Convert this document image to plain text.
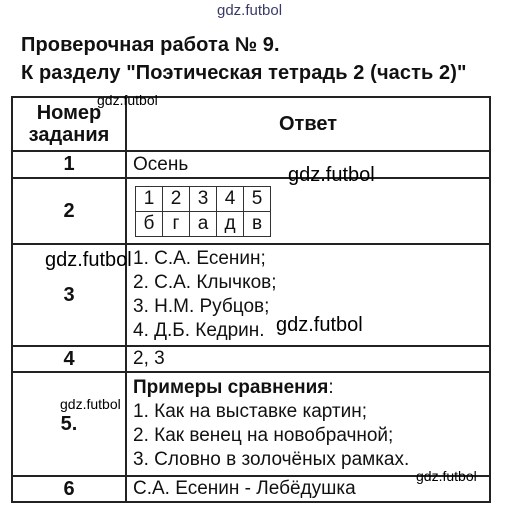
Проверочная работа № 9.
К разделу "Поэтическая тетрадь 2 (часть 2)"
Номер задания	Ответ
1	Осень
2	
1	2	3	4	5
б	г	а	д	в

3	
1. С.А. Есенин;
2. С.А. Клычков;
3. Н.М. Рубцов;
4. Д.Б. Кедрин.

4	2, 3
5.	
Примеры сравнения:
1. Как на выставке картин;
2. Как венец на новобрачной;
3. Словно в золочёных рамках.

6	С.А. Есенин - Лебёдушка
gdz.futbol
gdz.futbol
gdz.futbol
gdz.futbol
gdz.futbol
gdz.futbol
gdz.futbol
